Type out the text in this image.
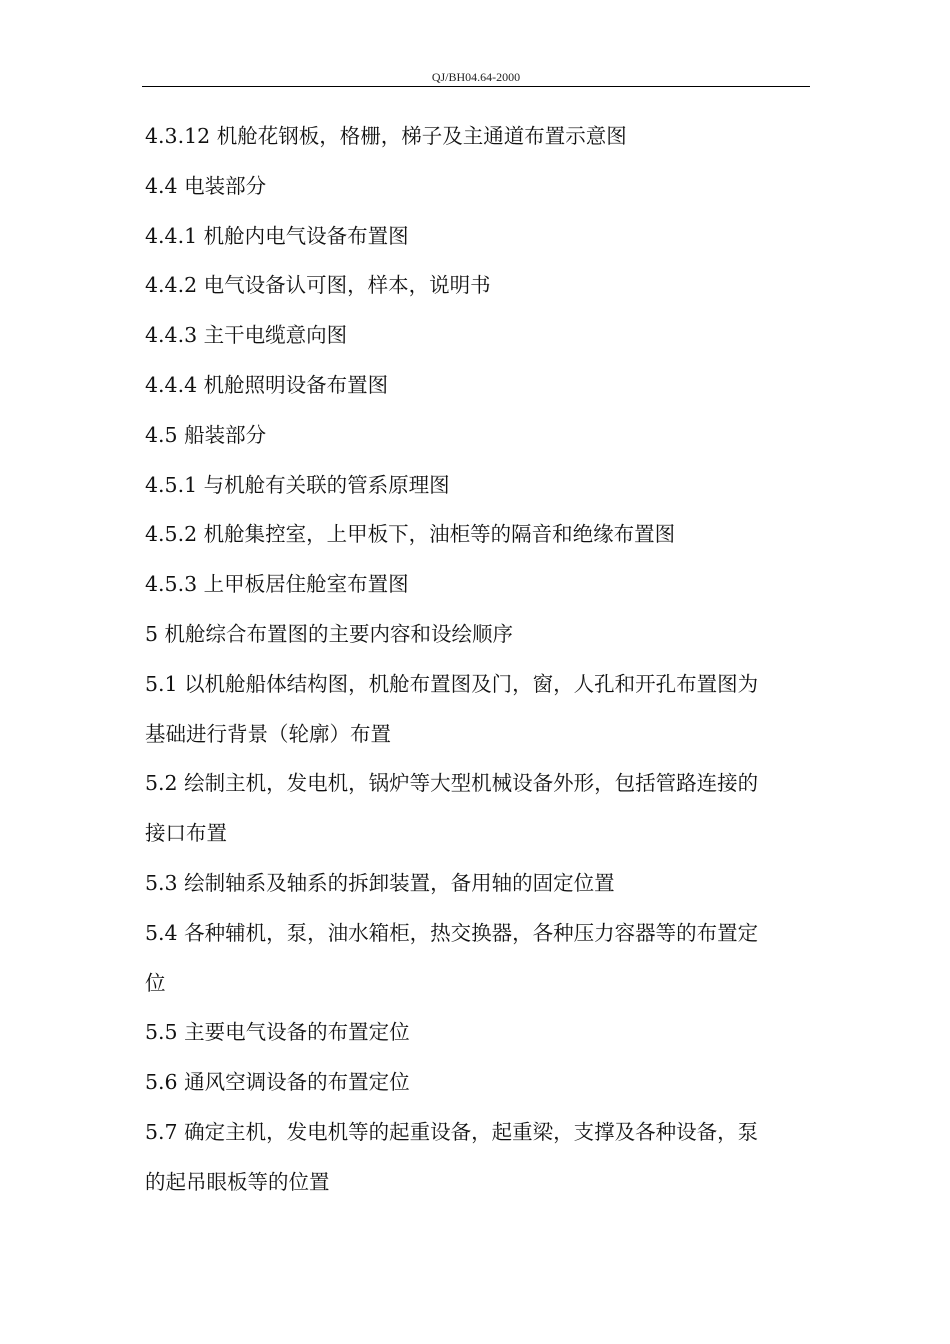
QJ/BH04.64-2000
4.3.12 机舱花钢板，格栅，梯子及主通道布置示意图
4.4 电装部分
4.4.1 机舱内电气设备布置图
4.4.2 电气设备认可图，样本，说明书
4.4.3 主干电缆意向图
4.4.4 机舱照明设备布置图
4.5 船装部分
4.5.1 与机舱有关联的管系原理图
4.5.2 机舱集控室，上甲板下，油柜等的隔音和绝缘布置图
4.5.3 上甲板居住舱室布置图
5 机舱综合布置图的主要内容和设绘顺序
5.1 以机舱船体结构图，机舱布置图及门，窗，人孔和开孔布置图为
基础进行背景（轮廓）布置
5.2 绘制主机，发电机，锅炉等大型机械设备外形，包括管路连接的
接口布置
5.3 绘制轴系及轴系的拆卸装置，备用轴的固定位置
5.4 各种辅机，泵，油水箱柜，热交换器，各种压力容器等的布置定
位
5.5 主要电气设备的布置定位
5.6 通风空调设备的布置定位
5.7 确定主机，发电机等的起重设备，起重梁，支撑及各种设备，泵
的起吊眼板等的位置
